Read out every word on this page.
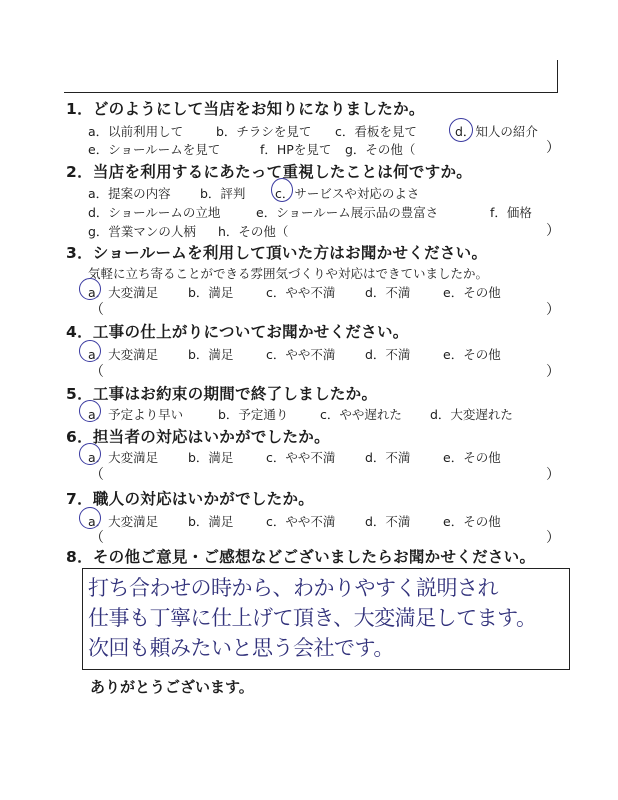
1．どのようにして当店をお知りになりましたか。
a．以前利用して	b．チラシを見て c．看板を見て	d．知人の紹介
e．ショールームを見て	f．HPを見て g．その他（	）
2．当店を利用するにあたって重視したことは何ですか。
a．提案の内容 b．評判 c．サービスや対応のよさ
d．ショールームの立地	e．ショールーム展示品の豊富さ	f．価格
g．営業マンの人柄 h．その他（	）
3．ショールームを利用して頂いた方はお聞かせください。
気軽に立ち寄ることができる雰囲気づくりや対応はできていましたか。
a．大変満足 b．満足	c．やや不満 d．不満	e．その他
（	）
4．工事の仕上がりについてお聞かせください。
a．大変満足 b．満足	c．やや不満 d．不満	e．その他
（	）
5．工事はお約束の期間で終了しましたか。
a．予定より早い	b．予定通り	c．やや遅れた d．大変遅れた
6．担当者の対応はいかがでしたか。
a．大変満足 b．満足	c．やや不満 d．不満	e．その他
（	）
7．職人の対応はいかがでしたか。
a．大変満足 b．満足	c．やや不満 d．不満	e．その他
（	）
8．その他ご意見・ご感想などございましたらお聞かせください。
打ち合わせの時から、わかりやすく説明され
仕事も丁寧に仕上げて頂き、大変満足してます。
次回も頼みたいと思う会社です。
ありがとうございます。
